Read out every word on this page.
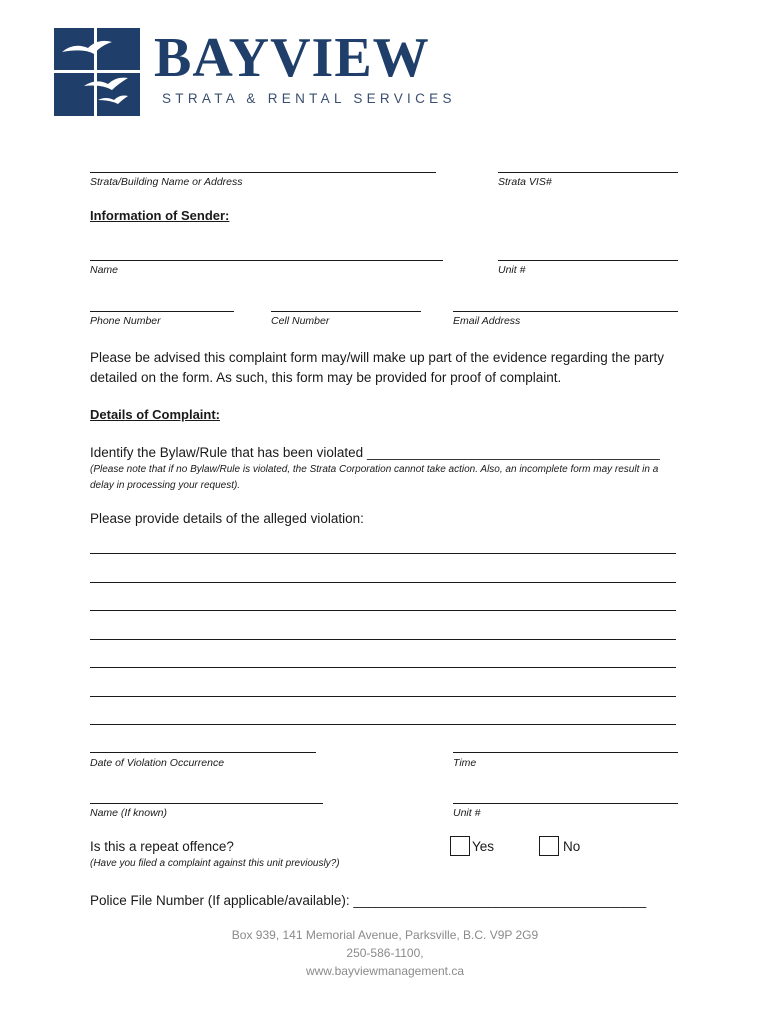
BAYVIEW
STRATA & RENTAL SERVICES
Strata/Building Name or Address	Strata VIS#
Information of Sender:
Name	Unit #
Phone Number	Cell Number	Email Address
Please be advised this complaint form may/will make up part of the evidence regarding the party detailed on the form. As such, this form may be provided for proof of complaint.
Details of Complaint:
Identify the Bylaw/Rule that has been violated _______________________________________
(Please note that if no Bylaw/Rule is violated, the Strata Corporation cannot take action. Also, an incomplete form may result in a delay in processing your request).
Please provide details of the alleged violation:
Date of Violation Occurrence	Time
Name (If known)	Unit #
Is this a repeat offence?
(Have you filed a complaint against this unit previously?)
Yes	No
Police File Number (If applicable/available): _______________________________________
Box 939, 141 Memorial Avenue, Parksville, B.C. V9P 2G9
250-586-1100,
www.bayviewmanagement.ca
